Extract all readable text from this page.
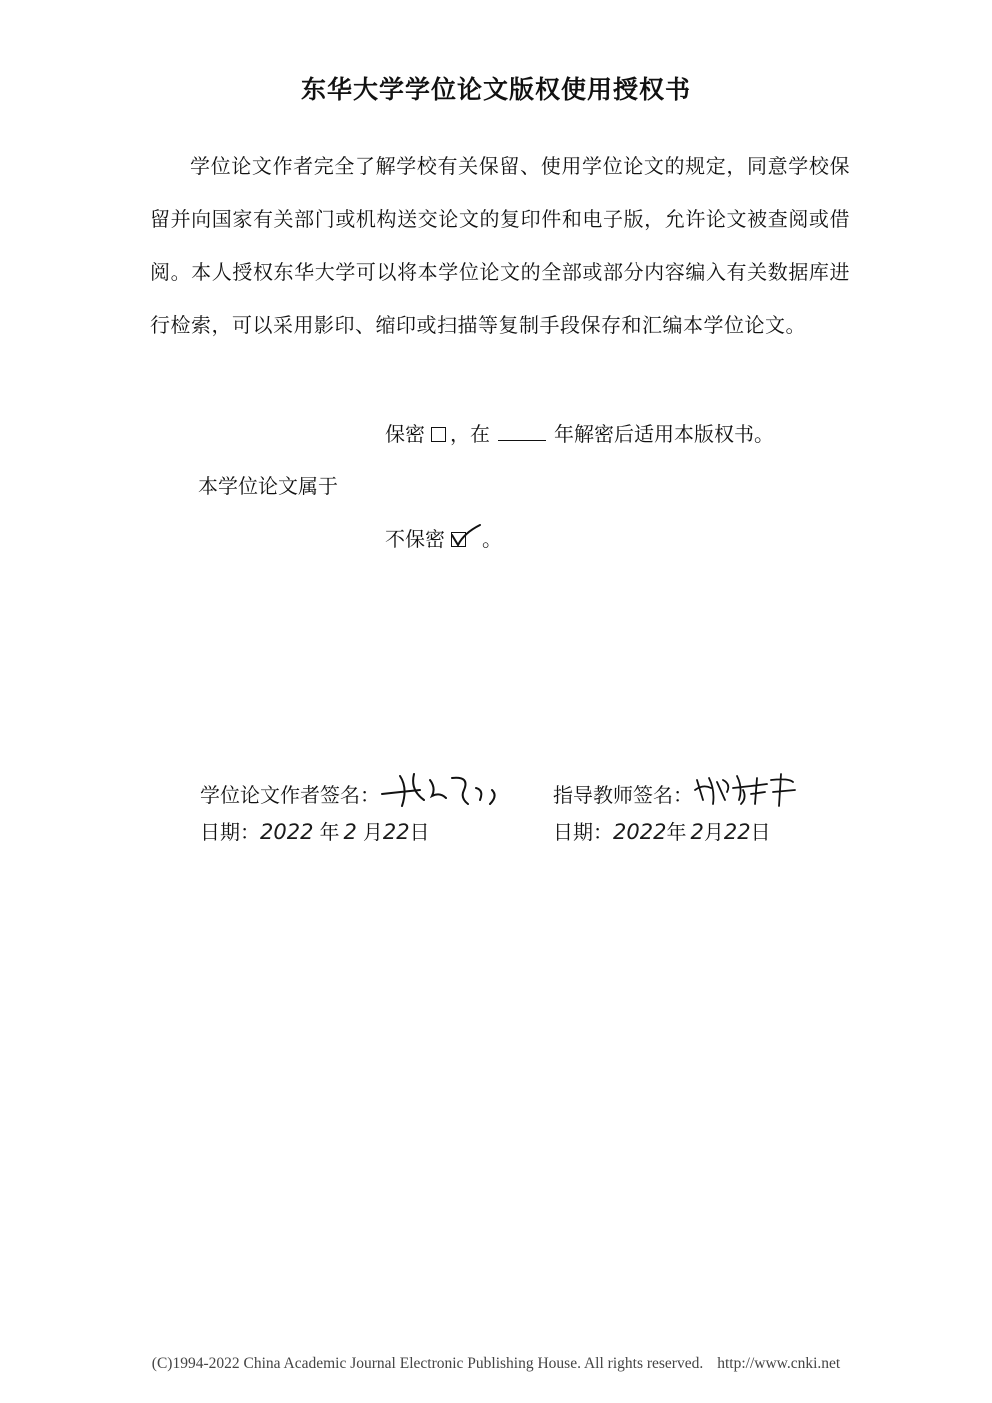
东华大学学位论文版权使用授权书
学位论文作者完全了解学校有关保留、使用学位论文的规定，同意学校保留并向国家有关部门或机构送交论文的复印件和电子版，允许论文被查阅或借阅。本人授权东华大学可以将本学位论文的全部或部分内容编入有关数据库进行检索，可以采用影印、缩印或扫描等复制手段保存和汇编本学位论文。
保密 ，在	年解密后适用本版权书。
本学位论文属于
不保密 。
学位论文作者签名：	指导教师签名：
日期：2022 年 2 月22日	日期：2022年 2月22日
(C)1994-2022 China Academic Journal Electronic Publishing House. All rights reserved. http://www.cnki.net
